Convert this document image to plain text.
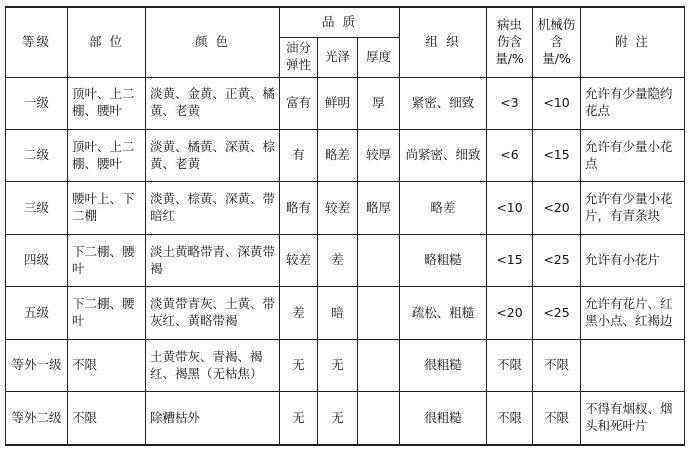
等级	部 位	颜 色	品 质			组 织	病虫伤含量/%	机械伤含量/%	附 注
			油分弹性	光泽	厚度				
一级	顶叶、上二棚、腰叶	淡黄、金黄、正黄、橘黄、老黄	富有	鲜明	厚	紧密、细致	<3	<10	允许有少量隐约花点
二级	顶叶、上二棚、腰叶	淡黄、橘黄、深黄、棕黄、老黄	有	略差	较厚	尚紧密、细致	<6	<15	允许有少量小花点
三级	腰叶上、下二棚	淡黄、棕黄、深黄、带暗红	略有	较差	略厚	略差	<10	<20	允许有少量小花片，有青条块
四级	下二棚、腰叶	淡土黄略带青、深黄带褐	较差	差		略粗糙	<15	<25	允许有小花片
五级	下二棚、腰叶	淡黄带青灰、土黄、带灰红、黄略带褐	差	暗		疏松、粗糙	<20	<25	允许有花片、红黑小点、红褐边
等外一级	不限	土黄带灰、青褐、褐红、褐黑（无枯焦）	无	无		很粗糙	不限	不限	
等外二级	不限	除糟枯外	无	无		很粗糙	不限	不限	不得有烟杈、烟头和死叶片
